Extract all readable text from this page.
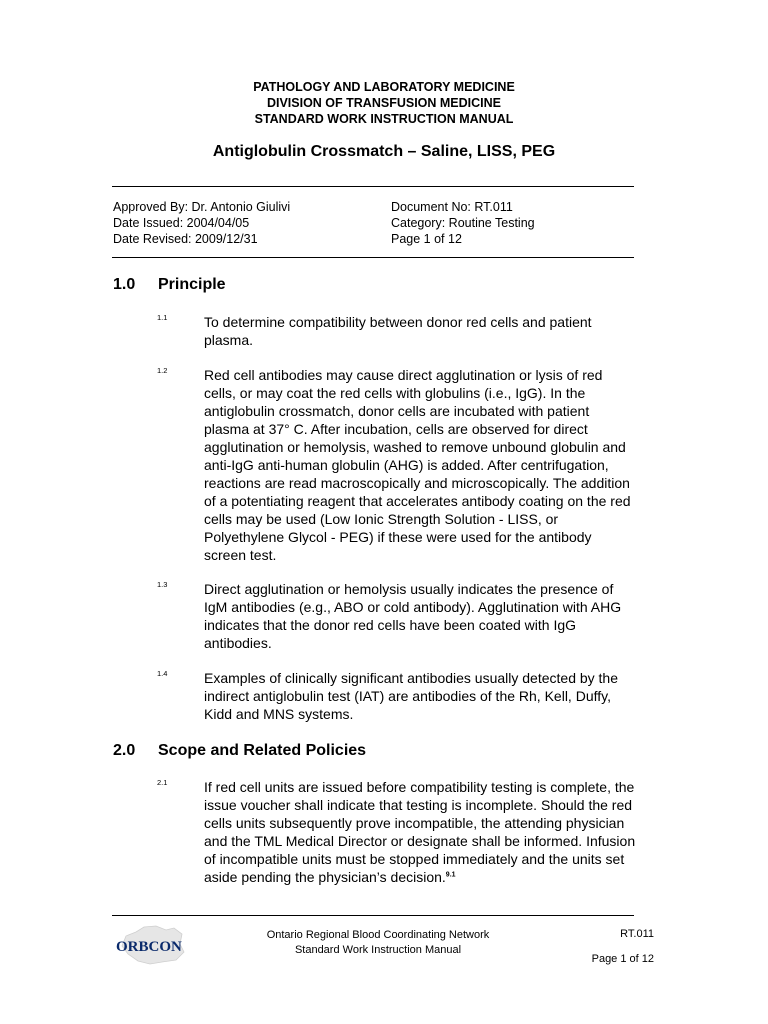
PATHOLOGY AND LABORATORY MEDICINE
DIVISION OF TRANSFUSION MEDICINE
STANDARD WORK INSTRUCTION MANUAL
Antiglobulin Crossmatch – Saline, LISS, PEG
Approved By: Dr. Antonio Giulivi
Date Issued: 2004/04/05
Date Revised: 2009/12/31
Document No: RT.011
Category: Routine Testing
Page 1 of 12
1.0 Principle
1.1	To determine compatibility between donor red cells and patient plasma.
1.2	Red cell antibodies may cause direct agglutination or lysis of red cells, or may coat the red cells with globulins (i.e., IgG). In the antiglobulin crossmatch, donor cells are incubated with patient plasma at 37° C. After incubation, cells are observed for direct agglutination or hemolysis, washed to remove unbound globulin and anti-IgG anti-human globulin (AHG) is added. After centrifugation, reactions are read macroscopically and microscopically. The addition of a potentiating reagent that accelerates antibody coating on the red cells may be used (Low Ionic Strength Solution - LISS, or Polyethylene Glycol - PEG) if these were used for the antibody screen test.
1.3	Direct agglutination or hemolysis usually indicates the presence of IgM antibodies (e.g., ABO or cold antibody). Agglutination with AHG indicates that the donor red cells have been coated with IgG antibodies.
1.4	Examples of clinically significant antibodies usually detected by the indirect antiglobulin test (IAT) are antibodies of the Rh, Kell, Duffy, Kidd and MNS systems.
2.0 Scope and Related Policies
2.1	If red cell units are issued before compatibility testing is complete, the issue voucher shall indicate that testing is incomplete. Should the red cells units subsequently prove incompatible, the attending physician and the TML Medical Director or designate shall be informed. Infusion of incompatible units must be stopped immediately and the units set aside pending the physician’s decision.$^{9.1}$
ORBCON
Ontario Regional Blood Coordinating Network
Standard Work Instruction Manual
RT.011
Page 1 of 12
